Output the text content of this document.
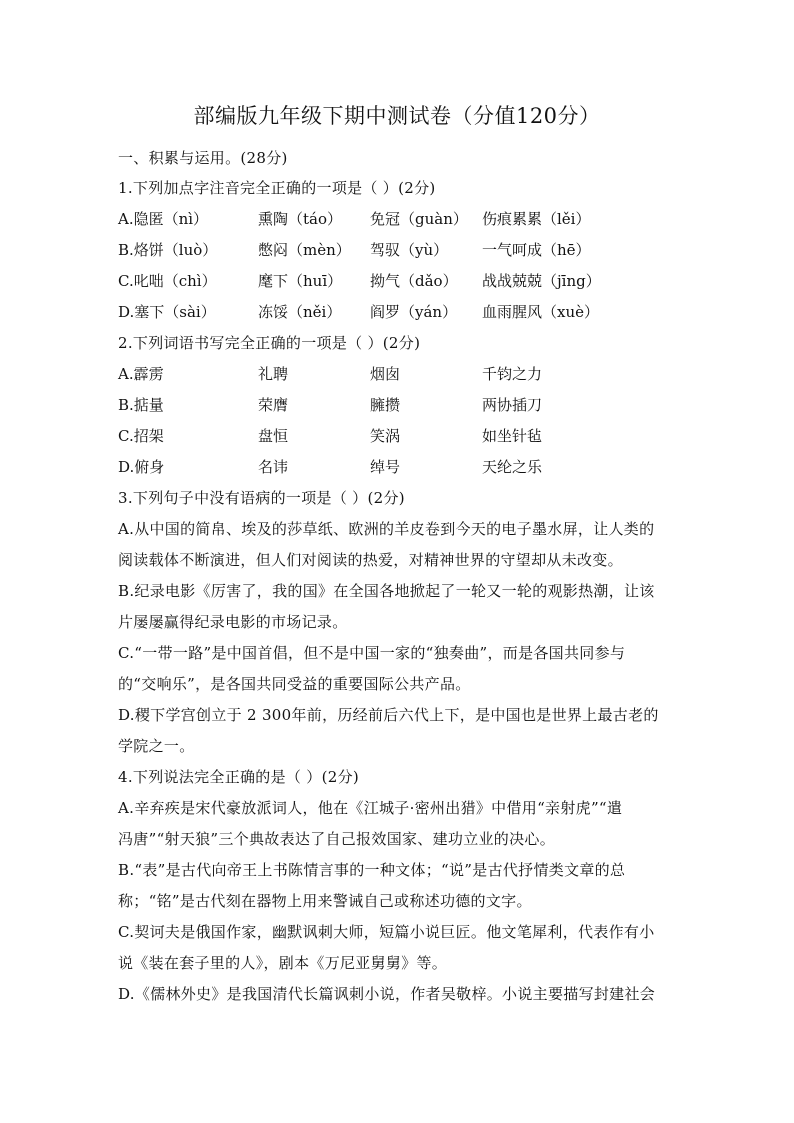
部编版九年级下期中测试卷（分值120分）
一、积累与运用。(28分)
1.下列加点字注音完全正确的一项是（ ）(2分)
A.隐匿（nì）	熏陶（táo） 免冠（guàn） 伤痕累累（lěi）
B.烙饼（luò）	憋闷（mèn） 驾驭（yù） 一气呵成（hē）
C.叱咄（chì）	麾下（huī） 拗气（dǎo） 战战兢兢（jīng）
D.塞下（sài）	冻馁（něi） 阎罗（yán） 血雨腥风（xuè）
2.下列词语书写完全正确的一项是（ ）(2分)
A.霹雳	礼聘	烟囱	千钧之力
B.掂量	荣膺	臃攒	两协插刀
C.招架	盘恒	笑涡	如坐针毡
D.俯身	名讳	绰号	天纶之乐
3.下列句子中没有语病的一项是（ ）(2分)
A.从中国的简帛、埃及的莎草纸、欧洲的羊皮卷到今天的电子墨水屏，让人类的
阅读载体不断演进，但人们对阅读的热爱，对精神世界的守望却从未改变。
B.纪录电影《厉害了，我的国》在全国各地掀起了一轮又一轮的观影热潮，让该
片屡屡赢得纪录电影的市场记录。
C.“一带一路”是中国首倡，但不是中国一家的“独奏曲”，而是各国共同参与
的“交响乐”，是各国共同受益的重要国际公共产品。
D.稷下学宫创立于 2 300年前，历经前后六代上下，是中国也是世界上最古老的
学院之一。
4.下列说法完全正确的是（ ）(2分)
A.辛弃疾是宋代豪放派词人，他在《江城子·密州出猎》中借用“亲射虎”“遣
冯唐”“射天狼”三个典故表达了自己报效国家、建功立业的决心。
B.“表”是古代向帝王上书陈情言事的一种文体；“说”是古代抒情类文章的总
称；“铭”是古代刻在器物上用来警诫自己或称述功德的文字。
C.契诃夫是俄国作家，幽默讽刺大师，短篇小说巨匠。他文笔犀利，代表作有小
说《装在套子里的人》，剧本《万尼亚舅舅》等。
D.《儒林外史》是我国清代长篇讽刺小说，作者吴敬梓。小说主要描写封建社会
